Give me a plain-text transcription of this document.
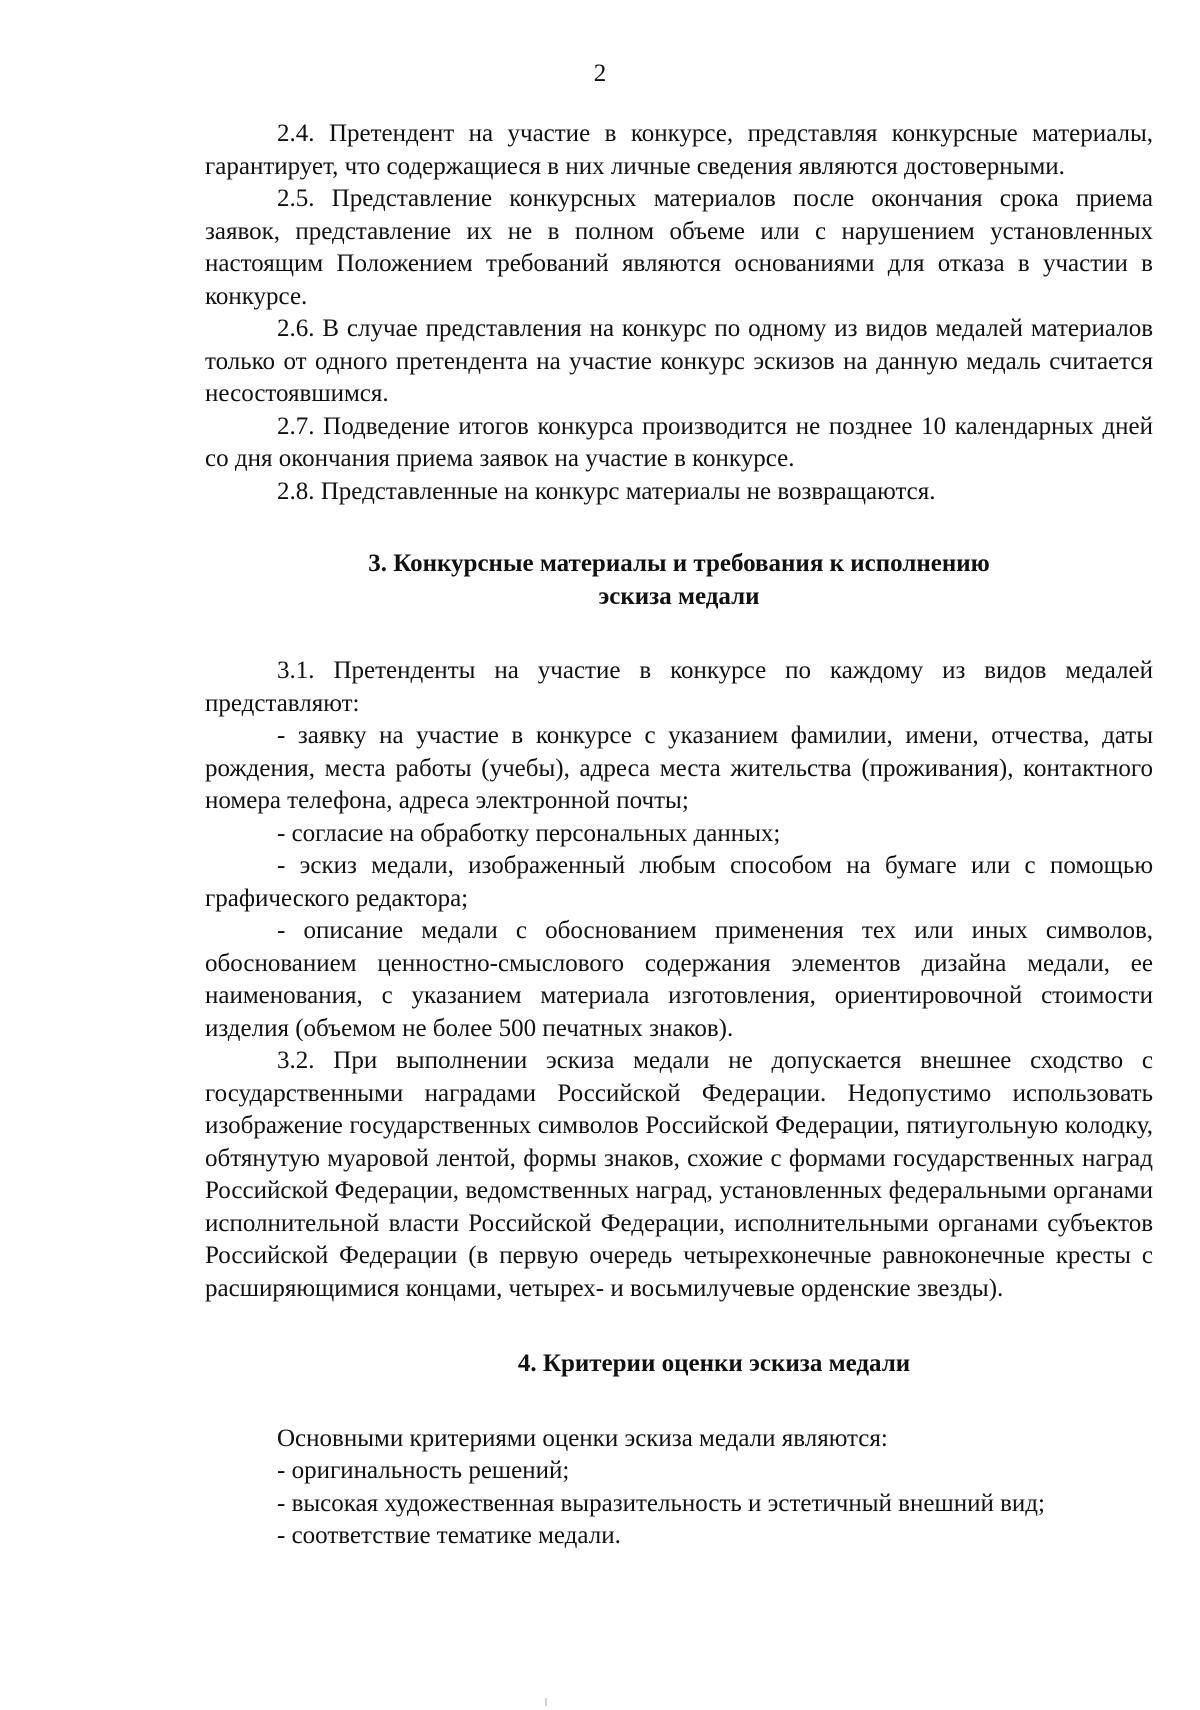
2

2.4. Претендент на участие в конкурсе, представляя конкурсные материалы, гарантирует, что содержащиеся в них личные сведения являются достоверными.

2.5. Представление конкурсных материалов после окончания срока приема заявок, представление их не в полном объеме или с нарушением установленных настоящим Положением требований являются основаниями для отказа в участии в конкурсе.

2.6. В случае представления на конкурс по одному из видов медалей материалов только от одного претендента на участие конкурс эскизов на данную медаль считается несостоявшимся.

2.7. Подведение итогов конкурса производится не позднее 10 календарных дней со дня окончания приема заявок на участие в конкурсе.

2.8. Представленные на конкурс материалы не возвращаются.

3. Конкурсные материалы и требования к исполнению

эскиза медали

3.1. Претенденты на участие в конкурсе по каждому из видов медалей представляют:

- заявку на участие в конкурсе с указанием фамилии, имени, отчества, даты рождения, места работы (учебы), адреса места жительства (проживания), контактного номера телефона, адреса электронной почты;

- согласие на обработку персональных данных;

- эскиз медали, изображенный любым способом на бумаге или с помощью графического редактора;

- описание медали с обоснованием применения тех или иных символов, обоснованием ценностно-смыслового содержания элементов дизайна медали, ее наименования, с указанием материала изготовления, ориентировочной стоимости изделия (объемом не более 500 печатных знаков).

3.2. При выполнении эскиза медали не допускается внешнее сходство с государственными наградами Российской Федерации. Недопустимо использовать изображение государственных символов Российской Федерации, пятиугольную колодку, обтянутую муаровой лентой, формы знаков, схожие с формами государственных наград Российской Федерации, ведомственных наград, установленных федеральными органами исполнительной власти Российской Федерации, исполнительными органами субъектов Российской Федерации (в первую очередь четырехконечные равноконечные кресты с расширяющимися концами, четырех- и восьмилучевые орденские звезды).

4. Критерии оценки эскиза медали

Основными критериями оценки эскиза медали являются:

- оригинальность решений;

- высокая художественная выразительность и эстетичный внешний вид;

- соответствие тематике медали.
